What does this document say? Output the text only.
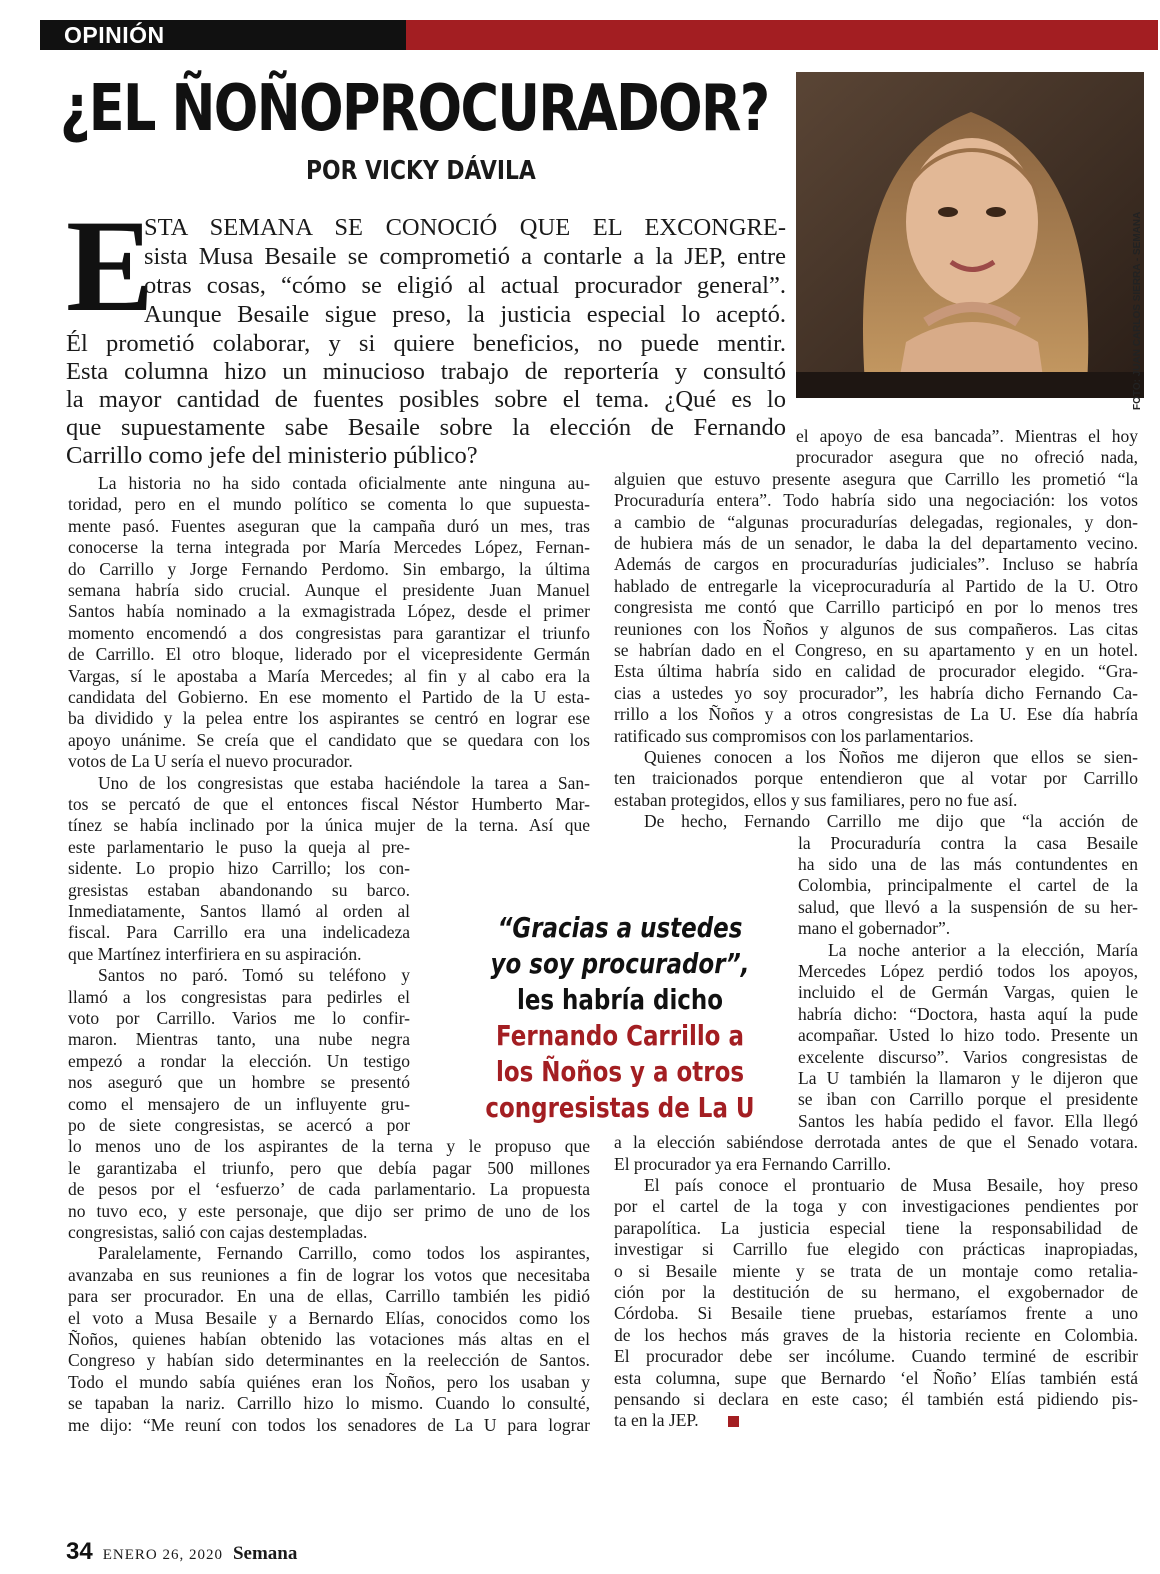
OPINIÓN
¿EL ÑOÑOPROCURADOR?
POR VICKY DÁVILA
FOTO: JUAN CARLOS SIERRA - SEMANA
E
STA SEMANA SE CONOCIÓ QUE EL EXCONGRE-
sista Musa Besaile se comprometió a contarle a la JEP, entre
otras cosas, “cómo se eligió al actual procurador general”.
Aunque Besaile sigue preso, la justicia especial lo aceptó.
Él prometió colaborar, y si quiere beneficios, no puede mentir.
Esta columna hizo un minucioso trabajo de reportería y consultó
la mayor cantidad de fuentes posibles sobre el tema. ¿Qué es lo
que supuestamente sabe Besaile sobre la elección de Fernando
Carrillo como jefe del ministerio público?
La historia no ha sido contada oficialmente ante ninguna au-
toridad, pero en el mundo político se comenta lo que supuesta-
mente pasó. Fuentes aseguran que la campaña duró un mes, tras
conocerse la terna integrada por María Mercedes López, Fernan-
do Carrillo y Jorge Fernando Perdomo. Sin embargo, la última
semana habría sido crucial. Aunque el presidente Juan Manuel
Santos había nominado a la exmagistrada López, desde el primer
momento encomendó a dos congresistas para garantizar el triunfo
de Carrillo. El otro bloque, liderado por el vicepresidente Germán
Vargas, sí le apostaba a María Mercedes; al fin y al cabo era la
candidata del Gobierno. En ese momento el Partido de la U esta-
ba dividido y la pelea entre los aspirantes se centró en lograr ese
apoyo unánime. Se creía que el candidato que se quedara con los
votos de La U sería el nuevo procurador.
Uno de los congresistas que estaba haciéndole la tarea a San-
tos se percató de que el entonces fiscal Néstor Humberto Mar-
tínez se había inclinado por la única mujer de la terna. Así que
este parlamentario le puso la queja al pre-
sidente. Lo propio hizo Carrillo; los con-
gresistas estaban abandonando su barco.
Inmediatamente, Santos llamó al orden al
fiscal. Para Carrillo era una indelicadeza
que Martínez interfiriera en su aspiración.
Santos no paró. Tomó su teléfono y
llamó a los congresistas para pedirles el
voto por Carrillo. Varios me lo confir-
maron. Mientras tanto, una nube negra
empezó a rondar la elección. Un testigo
nos aseguró que un hombre se presentó
como el mensajero de un influyente gru-
po de siete congresistas, se acercó a por
lo menos uno de los aspirantes de la terna y le propuso que
le garantizaba el triunfo, pero que debía pagar 500 millones
de pesos por el ‘esfuerzo’ de cada parlamentario. La propuesta
no tuvo eco, y este personaje, que dijo ser primo de uno de los
congresistas, salió con cajas destempladas.
Paralelamente, Fernando Carrillo, como todos los aspirantes,
avanzaba en sus reuniones a fin de lograr los votos que necesitaba
para ser procurador. En una de ellas, Carrillo también les pidió
el voto a Musa Besaile y a Bernardo Elías, conocidos como los
Ñoños, quienes habían obtenido las votaciones más altas en el
Congreso y habían sido determinantes en la reelección de Santos.
Todo el mundo sabía quiénes eran los Ñoños, pero los usaban y
se tapaban la nariz. Carrillo hizo lo mismo. Cuando lo consulté,
me dijo: “Me reuní con todos los senadores de La U para lograr
el apoyo de esa bancada”. Mientras el hoy
procurador asegura que no ofreció nada,
alguien que estuvo presente asegura que Carrillo les prometió “la
Procuraduría entera”. Todo habría sido una negociación: los votos
a cambio de “algunas procuradurías delegadas, regionales, y don-
de hubiera más de un senador, le daba la del departamento vecino.
Además de cargos en procuradurías judiciales”. Incluso se habría
hablado de entregarle la viceprocuraduría al Partido de la U. Otro
congresista me contó que Carrillo participó en por lo menos tres
reuniones con los Ñoños y algunos de sus compañeros. Las citas
se habrían dado en el Congreso, en su apartamento y en un hotel.
Esta última habría sido en calidad de procurador elegido. “Gra-
cias a ustedes yo soy procurador”, les habría dicho Fernando Ca-
rrillo a los Ñoños y a otros congresistas de La U. Ese día habría
ratificado sus compromisos con los parlamentarios.
Quienes conocen a los Ñoños me dijeron que ellos se sien-
ten traicionados porque entendieron que al votar por Carrillo
estaban protegidos, ellos y sus familiares, pero no fue así.
De hecho, Fernando Carrillo me dijo que “la acción de
la Procuraduría contra la casa Besaile
ha sido una de las más contundentes en
Colombia, principalmente el cartel de la
salud, que llevó a la suspensión de su her-
mano el gobernador”.
La noche anterior a la elección, María
Mercedes López perdió todos los apoyos,
incluido el de Germán Vargas, quien le
habría dicho: “Doctora, hasta aquí la pude
acompañar. Usted lo hizo todo. Presente un
excelente discurso”. Varios congresistas de
La U también la llamaron y le dijeron que
se iban con Carrillo porque el presidente
Santos les había pedido el favor. Ella llegó
a la elección sabiéndose derrotada antes de que el Senado votara.
El procurador ya era Fernando Carrillo.
El país conoce el prontuario de Musa Besaile, hoy preso
por el cartel de la toga y con investigaciones pendientes por
parapolítica. La justicia especial tiene la responsabilidad de
investigar si Carrillo fue elegido con prácticas inapropiadas,
o si Besaile miente y se trata de un montaje como retalia-
ción por la destitución de su hermano, el exgobernador de
Córdoba. Si Besaile tiene pruebas, estaríamos frente a uno
de los hechos más graves de la historia reciente en Colombia.
El procurador debe ser incólume. Cuando terminé de escribir
esta columna, supe que Bernardo ‘el Ñoño’ Elías también está
pensando si declara en este caso; él también está pidiendo pis-
ta en la JEP.
“Gracias a ustedes
yo soy procurador”,
les habría dicho
Fernando Carrillo a
los Ñoños y a otros
congresistas de La U
34 ENERO 26, 2020 Semana
